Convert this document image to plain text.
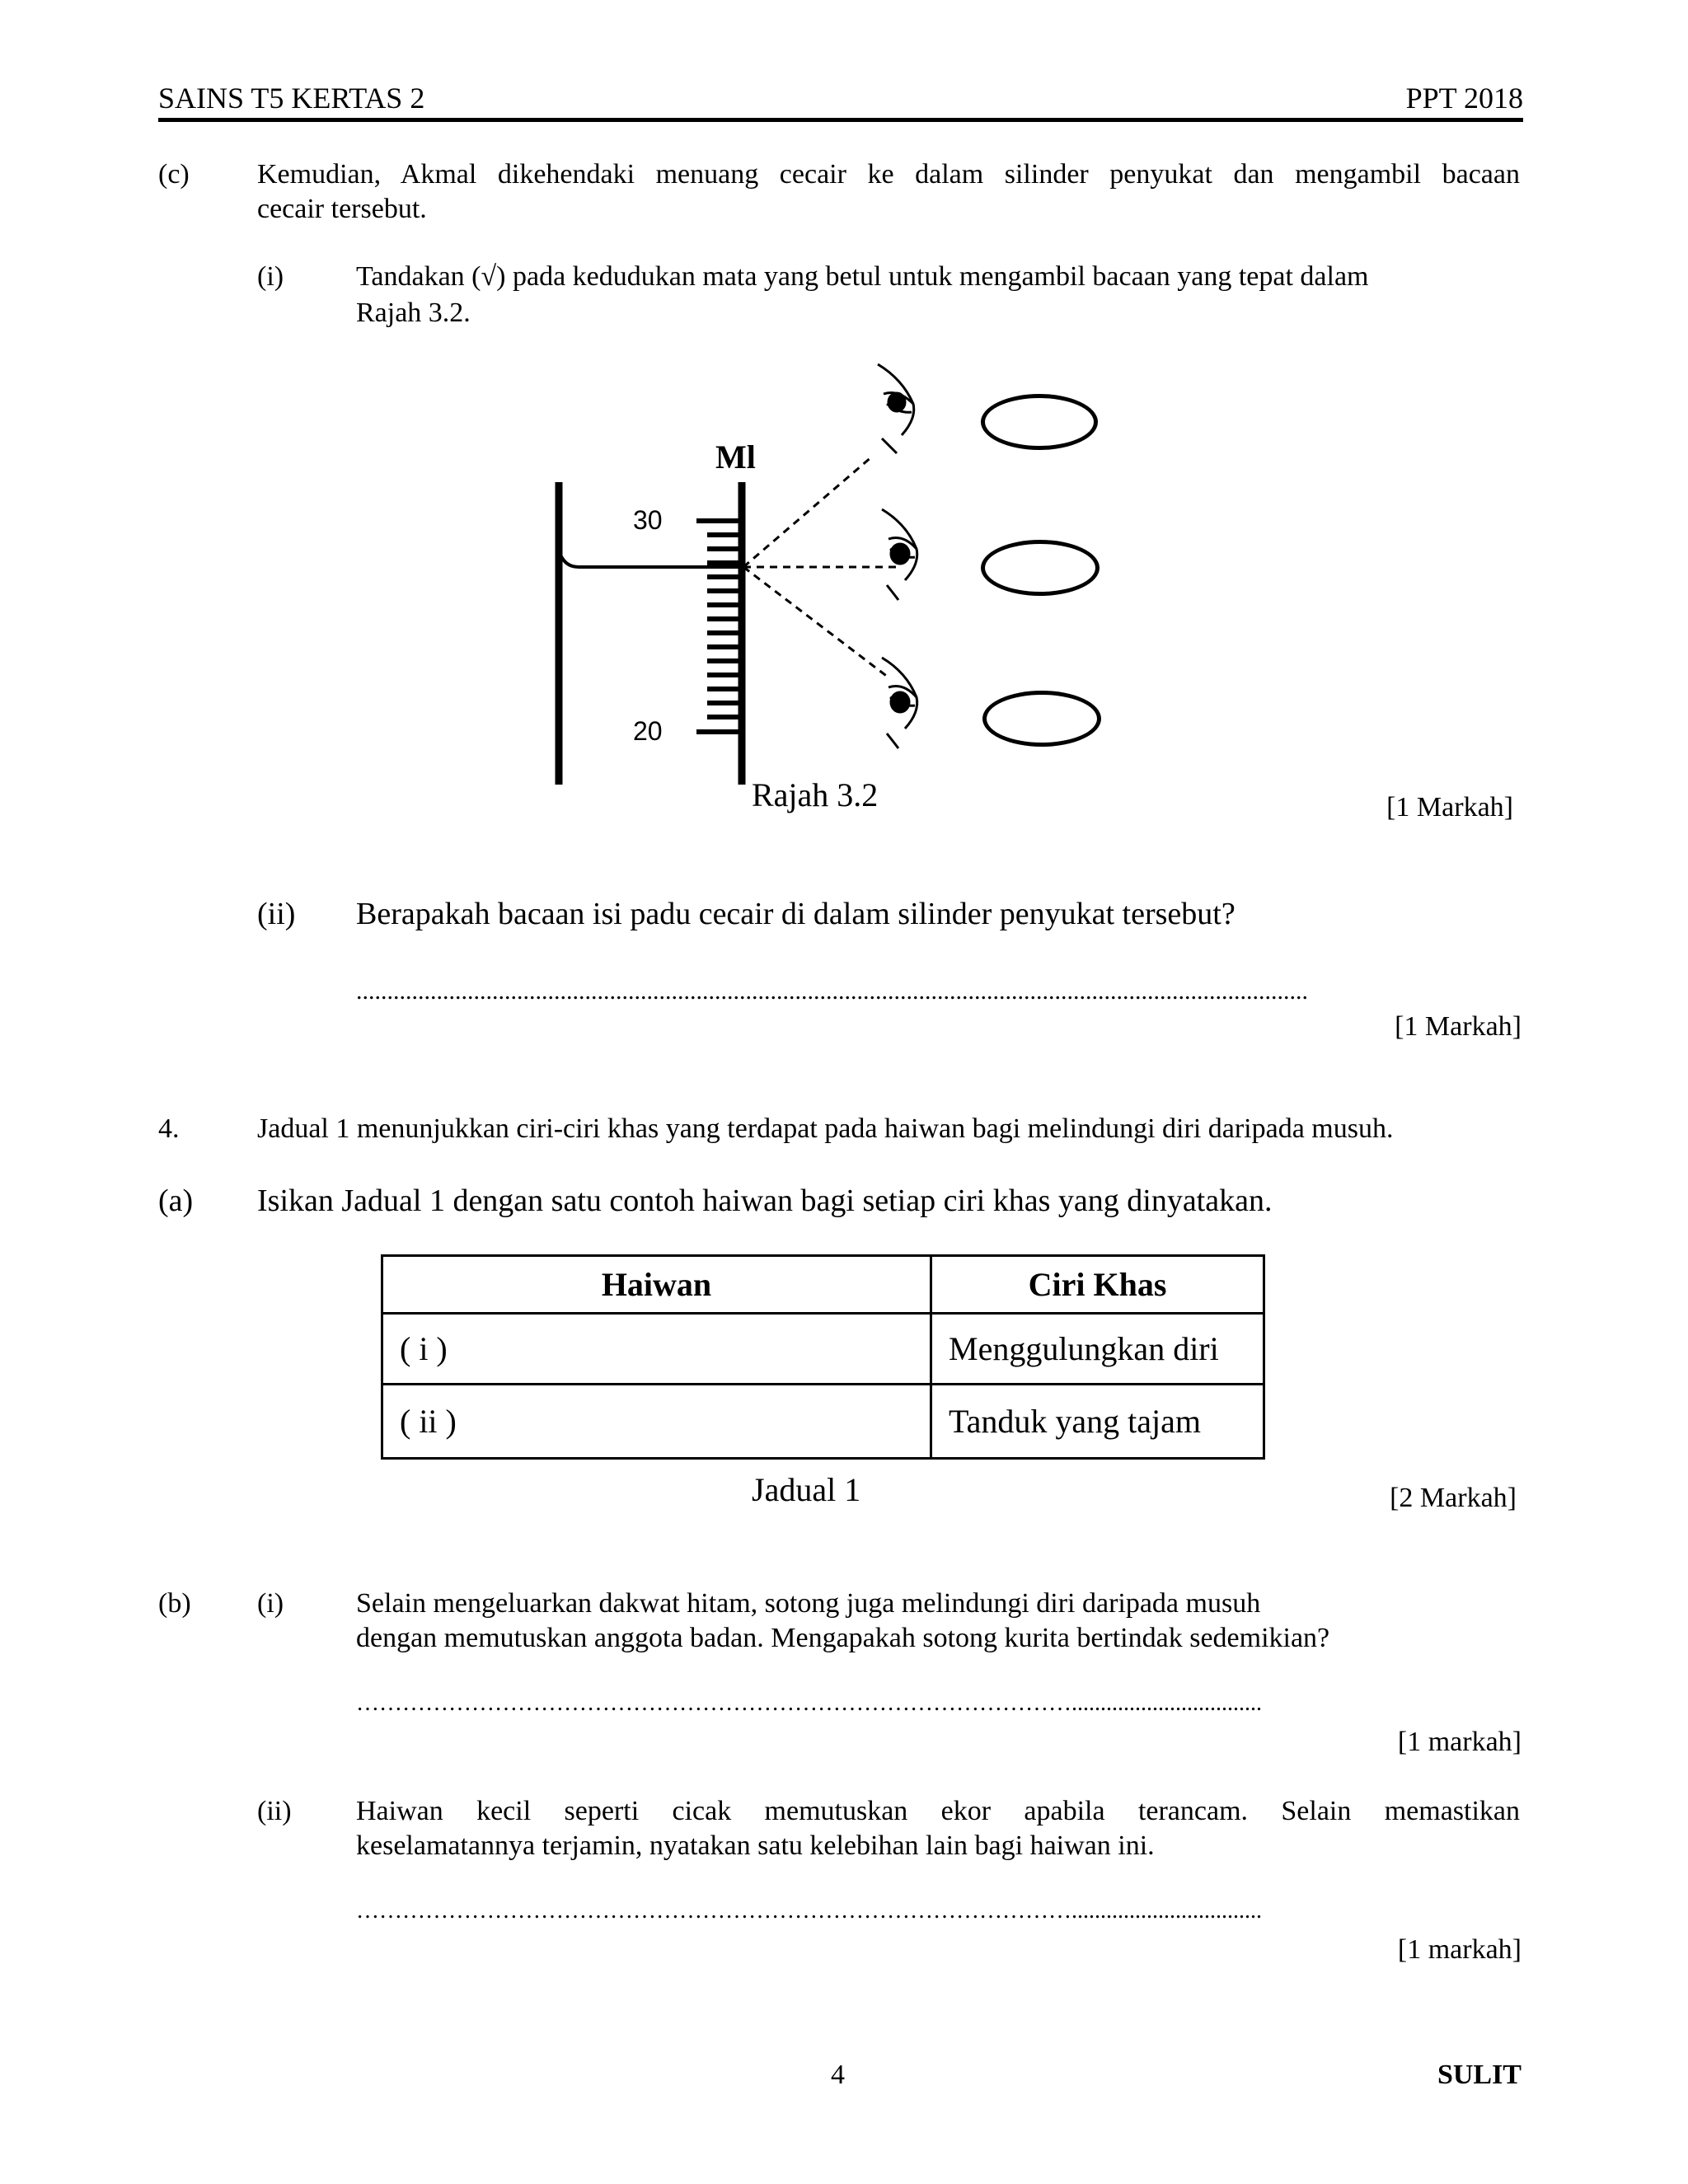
SAINS T5 KERTAS 2	PPT 2018
(c) Kemudian, Akmal dikehendaki menuang cecair ke dalam silinder penyukat dan mengambil bacaan
cecair tersebut.
(i)	Tandakan (√) pada kedudukan mata yang betul untuk mengambil bacaan yang tepat dalam
Rajah 3.2.
Ml
30
20
Rajah 3.2	[1 Markah]
(ii) Berapakah bacaan isi padu cecair di dalam silinder penyukat tersebut?
..........................................................................................................................................................
[1 Markah]
4.	Jadual 1 menunjukkan ciri-ciri khas yang terdapat pada haiwan bagi melindungi diri daripada musuh.
(a) Isikan Jadual 1 dengan satu contoh haiwan bagi setiap ciri khas yang dinyatakan.
Haiwan	Ciri Khas
( i )	Menggulungkan diri
( ii )	Tanduk yang tajam
Jadual 1	[2 Markah]
(b) (i)	Selain mengeluarkan dakwat hitam, sotong juga melindungi diri daripada musuh
dengan memutuskan anggota badan. Mengapakah sotong kurita bertindak sedemikian?
………………………………………………………………………………….................................
[1 markah]
(ii) Haiwan kecil seperti cicak memutuskan ekor apabila terancam. Selain memastikan
keselamatannya terjamin, nyatakan satu kelebihan lain bagi haiwan ini.
………………………………………………………………………………….................................
[1 markah]
4	SULIT
